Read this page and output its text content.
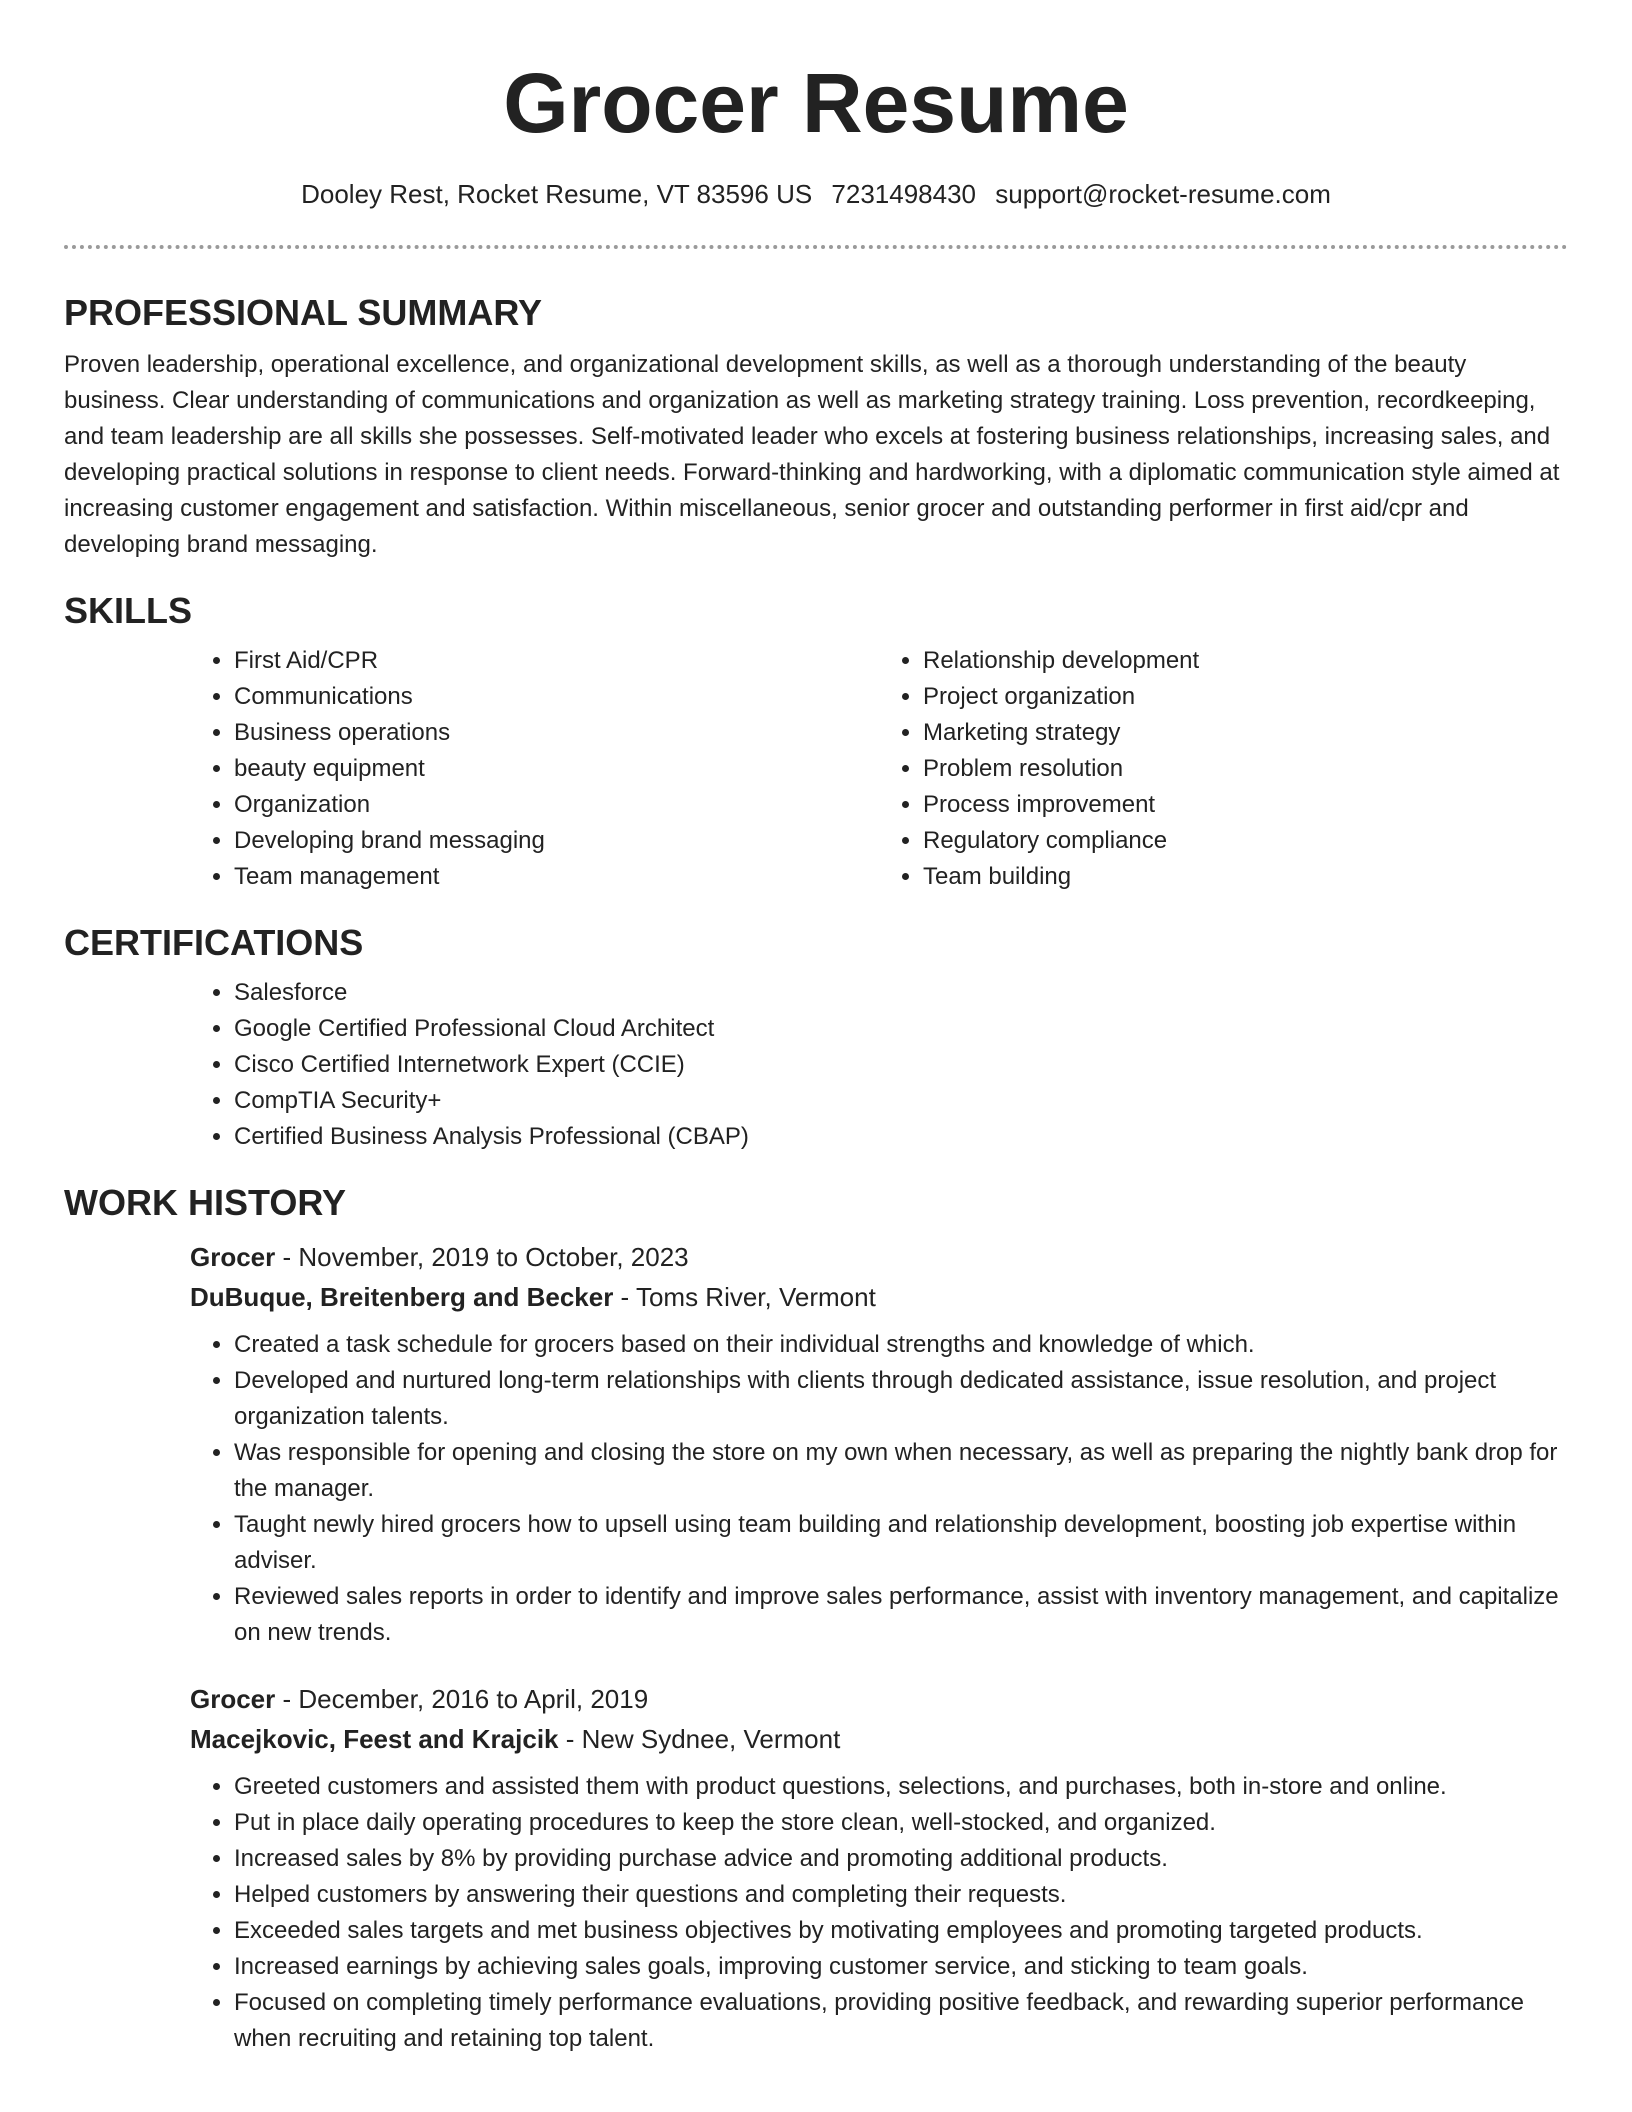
Grocer Resume
Dooley Rest, Rocket Resume, VT 83596 US 7231498430 support@rocket-resume.com
PROFESSIONAL SUMMARY

Proven leadership, operational excellence, and organizational development skills, as well as a thorough understanding of the beauty business. Clear understanding of communications and organization as well as marketing strategy training. Loss prevention, recordkeeping, and team leadership are all skills she possesses. Self-motivated leader who excels at fostering business relationships, increasing sales, and developing practical solutions in response to client needs. Forward-thinking and hardworking, with a diplomatic communication style aimed at increasing customer engagement and satisfaction. Within miscellaneous, senior grocer and outstanding performer in first aid/cpr and developing brand messaging.

SKILLS
• First Aid/CPR
• Communications
• Business operations
• beauty equipment
• Organization
• Developing brand messaging
• Team management
• Relationship development
• Project organization
• Marketing strategy
• Problem resolution
• Process improvement
• Regulatory compliance
• Team building
CERTIFICATIONS
• Salesforce
• Google Certified Professional Cloud Architect
• Cisco Certified Internetwork Expert (CCIE)
• CompTIA Security+
• Certified Business Analysis Professional (CBAP)
WORK HISTORY
Grocer - November, 2019 to October, 2023
DuBuque, Breitenberg and Becker - Toms River, Vermont
• Created a task schedule for grocers based on their individual strengths and knowledge of which.
• Developed and nurtured long-term relationships with clients through dedicated assistance, issue resolution, and project organization talents.
• Was responsible for opening and closing the store on my own when necessary, as well as preparing the nightly bank drop for the manager.
• Taught newly hired grocers how to upsell using team building and relationship development, boosting job expertise within adviser.
• Reviewed sales reports in order to identify and improve sales performance, assist with inventory management, and capitalize on new trends.
Grocer - December, 2016 to April, 2019
Macejkovic, Feest and Krajcik - New Sydnee, Vermont
• Greeted customers and assisted them with product questions, selections, and purchases, both in-store and online.
• Put in place daily operating procedures to keep the store clean, well-stocked, and organized.
• Increased sales by 8% by providing purchase advice and promoting additional products.
• Helped customers by answering their questions and completing their requests.
• Exceeded sales targets and met business objectives by motivating employees and promoting targeted products.
• Increased earnings by achieving sales goals, improving customer service, and sticking to team goals.
• Focused on completing timely performance evaluations, providing positive feedback, and rewarding superior performance when recruiting and retaining top talent.
